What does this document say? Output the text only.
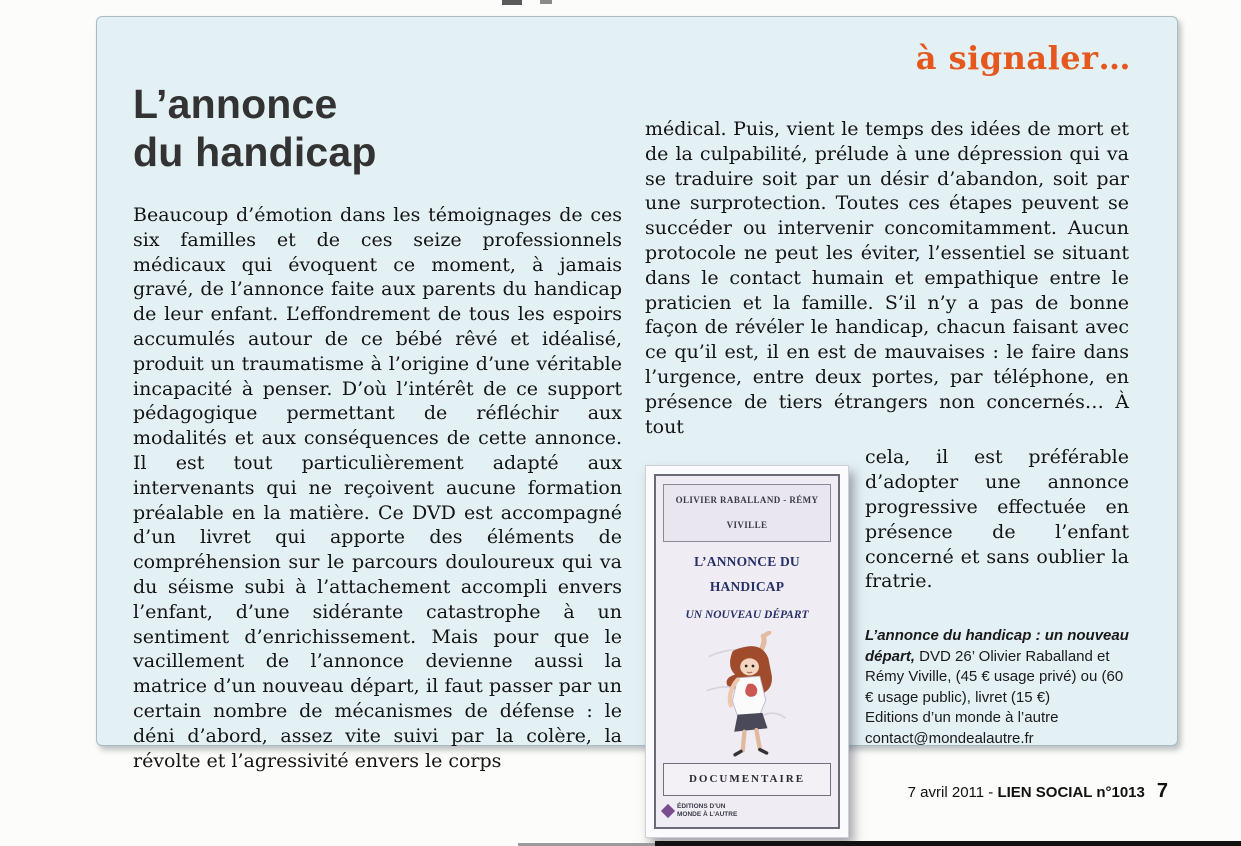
à signaler…
L’annonce
du handicap
Beaucoup d’émotion dans les témoignages de ces six familles et de ces seize professionnels médicaux qui évoquent ce moment, à jamais gravé, de l’annonce faite aux parents du handicap de leur enfant. L’effondrement de tous les espoirs accumulés autour de ce bébé rêvé et idéalisé, produit un traumatisme à l’origine d’une véritable incapacité à penser. D’où l’intérêt de ce support pédagogique permettant de réfléchir aux modalités et aux conséquences de cette annonce. Il est tout particulièrement adapté aux intervenants qui ne reçoivent aucune formation préalable en la matière. Ce DVD est accompagné d’un livret qui apporte des éléments de compréhension sur le parcours douloureux qui va du séisme subi à l’attachement accompli envers l’enfant, d’une sidérante catastrophe à un sentiment d’enrichissement. Mais pour que le vacillement de l’annonce devienne aussi la matrice d’un nouveau départ, il faut passer par un certain nombre de mécanismes de défense : le déni d’abord, assez vite suivi par la colère, la révolte et l’agressivité envers le corps
médical. Puis, vient le temps des idées de mort et de la culpabilité, prélude à une dépression qui va se traduire soit par un désir d’abandon, soit par une surprotection. Toutes ces étapes peuvent se succéder ou intervenir concomitamment. Aucun protocole ne peut les éviter, l’essentiel se situant dans le contact humain et empathique entre le praticien et la famille. S’il n’y a pas de bonne façon de révéler le handicap, chacun faisant avec ce qu’il est, il en est de mauvaises : le faire dans l’urgence, entre deux portes, par téléphone, en présence de tiers étrangers non concernés… À tout
OLIVIER RABALLAND - RÉMY VIVILLE
L’ANNONCE DU HANDICAP
UN NOUVEAU DÉPART
DOCUMENTAIRE
ÉDITIONS D’UN MONDE À L’AUTRE
cela, il est préférable d’adopter une annonce progressive effectuée en présence de l’enfant concerné et sans oublier la fratrie.

L’annonce du handicap : un nouveau départ, DVD 26’ Olivier Raballand et Rémy Viville, (45 € usage privé) ou (60 € usage public), livret (15 €)

Editions d’un monde à l’autre

contact@mondealautre.fr

7 avril 2011 - LIEN SOCIAL n°1013 7
